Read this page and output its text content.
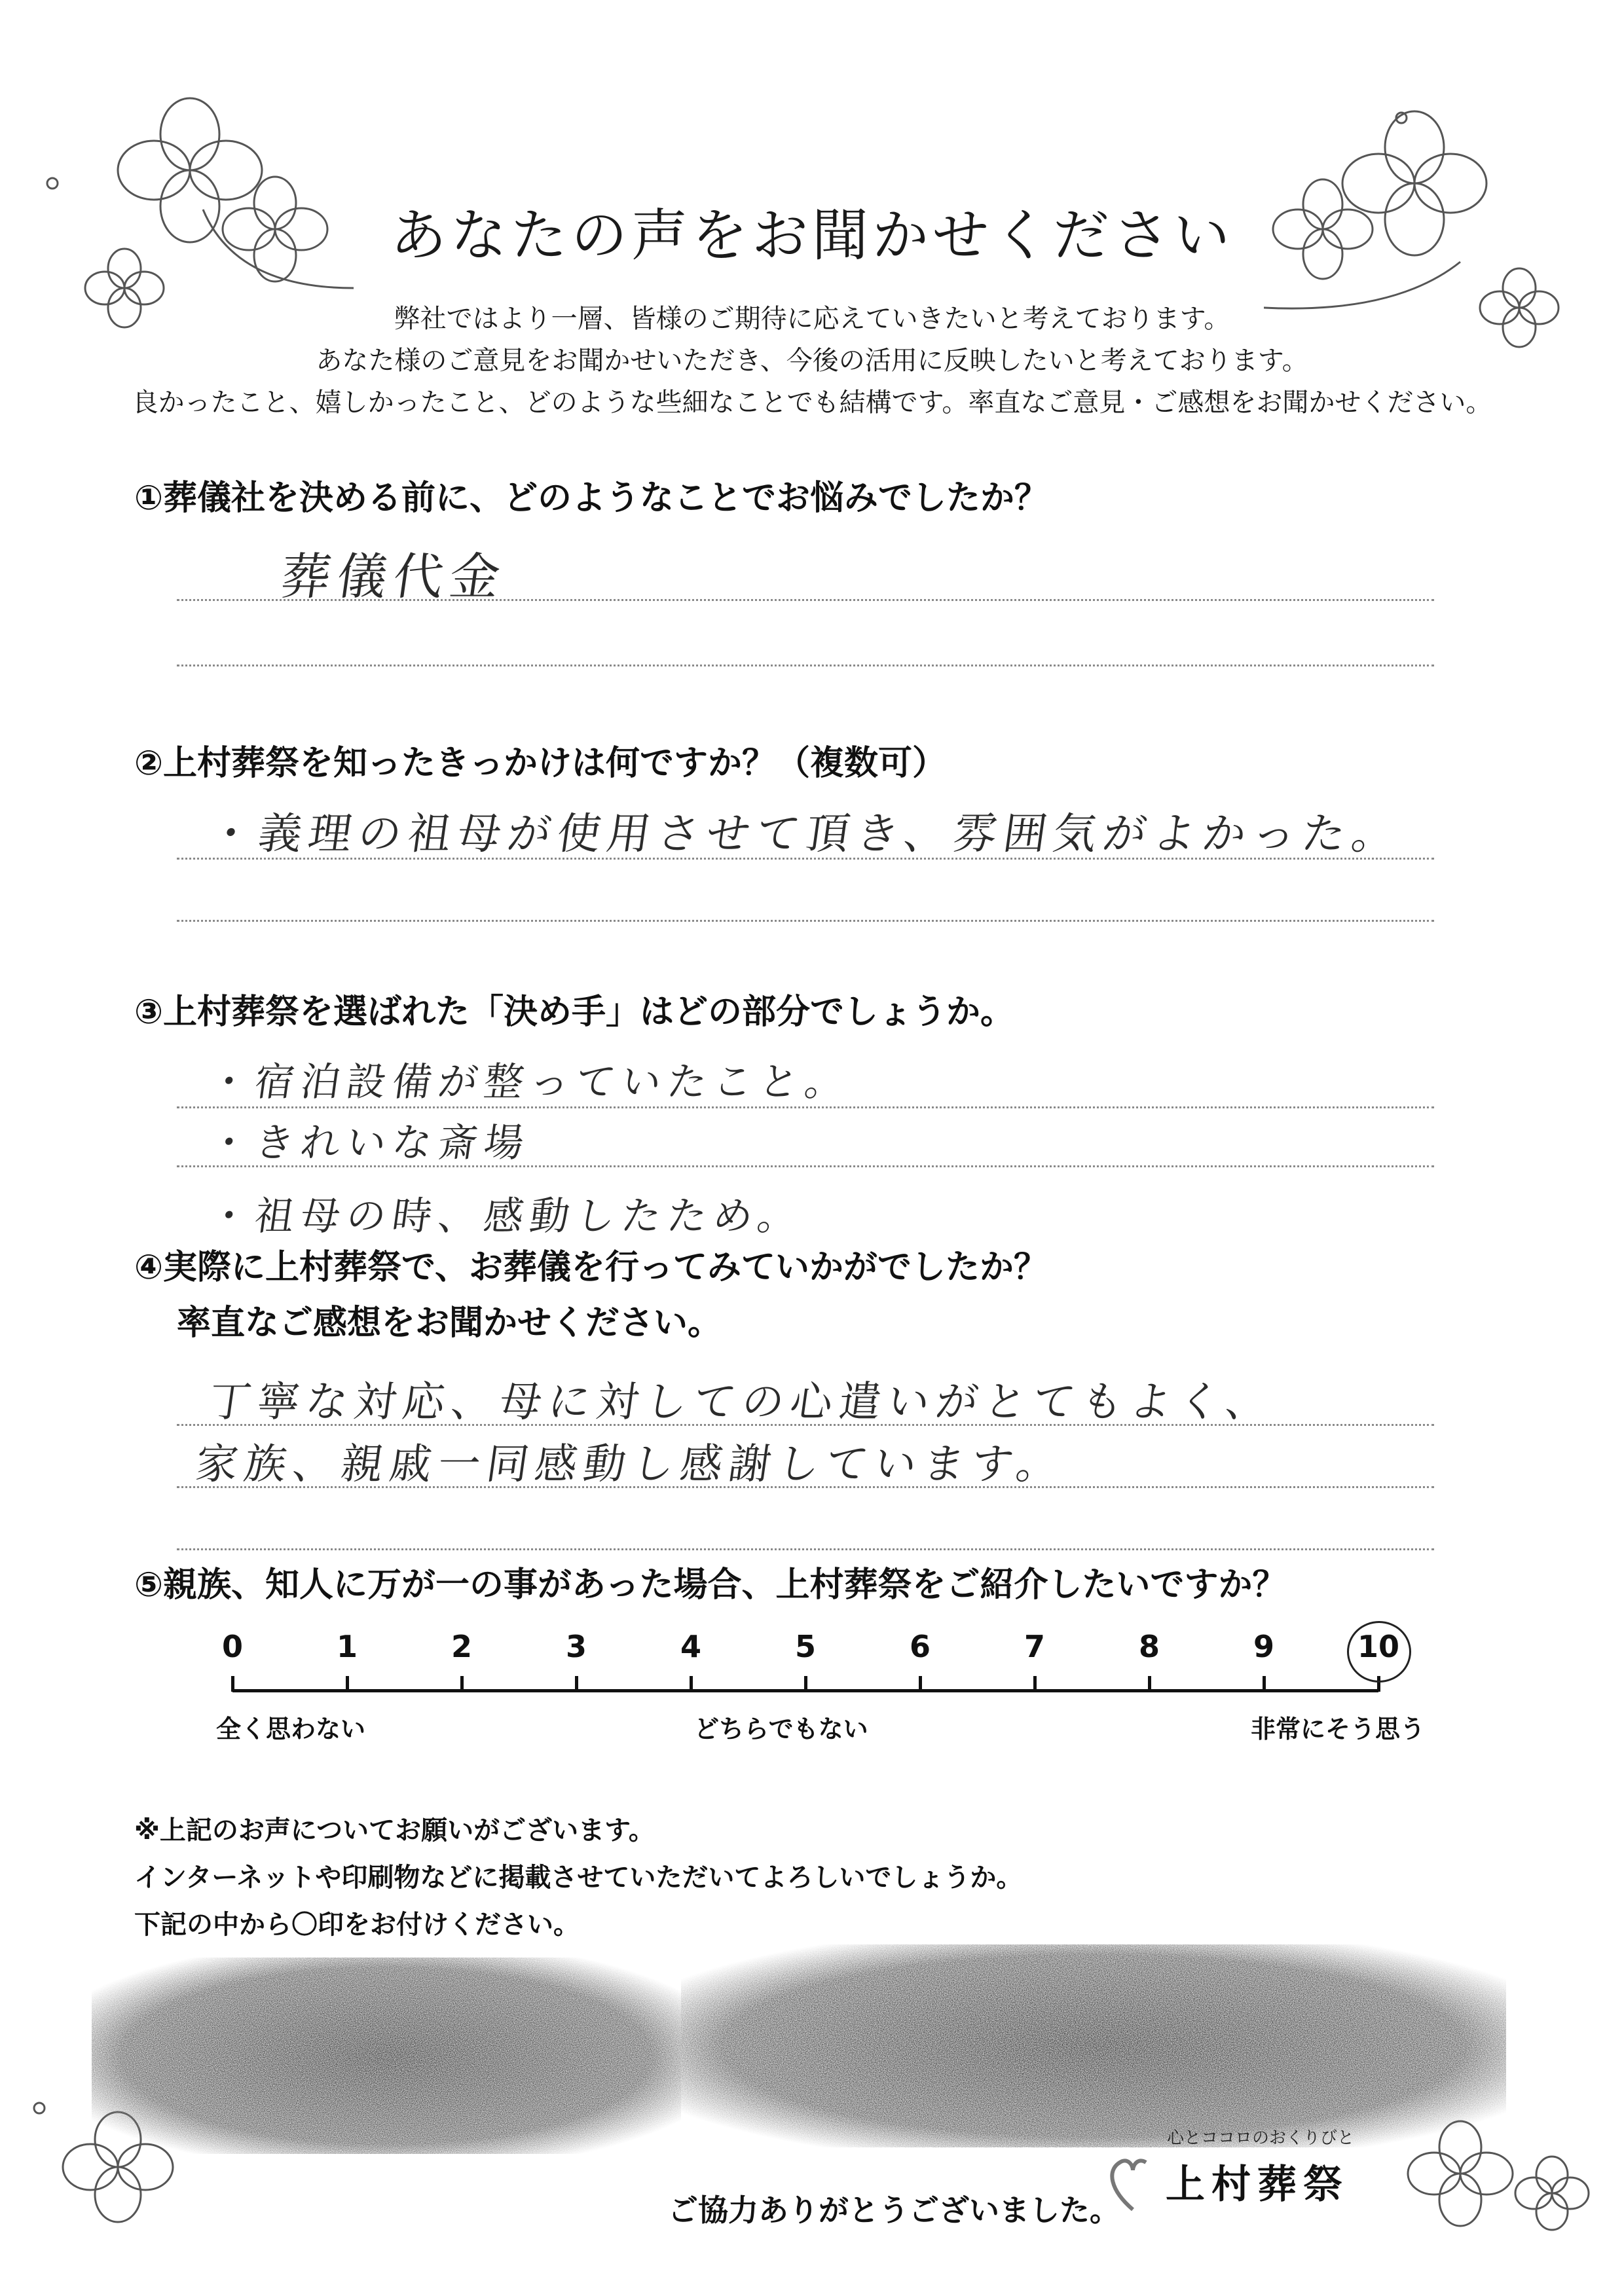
あなたの声をお聞かせください
弊社ではより一層、皆様のご期待に応えていきたいと考えております。
あなた様のご意見をお聞かせいただき、今後の活用に反映したいと考えております。
良かったこと、嬉しかったこと、どのような些細なことでも結構です。率直なご意見・ご感想をお聞かせください。
①葬儀社を決める前に、どのようなことでお悩みでしたか？
葬儀代金
②上村葬祭を知ったきっかけは何ですか？（複数可）
・義理の祖母が使用させて頂き、雰囲気がよかった。
③上村葬祭を選ばれた「決め手」はどの部分でしょうか。
・宿泊設備が整っていたこと。
・きれいな斎場
・祖母の時、感動したため。
④実際に上村葬祭で、お葬儀を行ってみていかがでしたか？
率直なご感想をお聞かせください。
丁寧な対応、母に対しての心遣いがとてもよく、
家族、親戚一同感動し感謝しています。
⑤親族、知人に万が一の事があった場合、上村葬祭をご紹介したいですか？
0	1	2	3	4	5	6	7	8	9	10
全く思わない	どちらでもない	非常にそう思う
※上記のお声についてお願いがございます。
インターネットや印刷物などに掲載させていただいてよろしいでしょうか。
下記の中から〇印をお付けください。
ご協力ありがとうございました。
心とココロのおくりびと
上村葬祭
